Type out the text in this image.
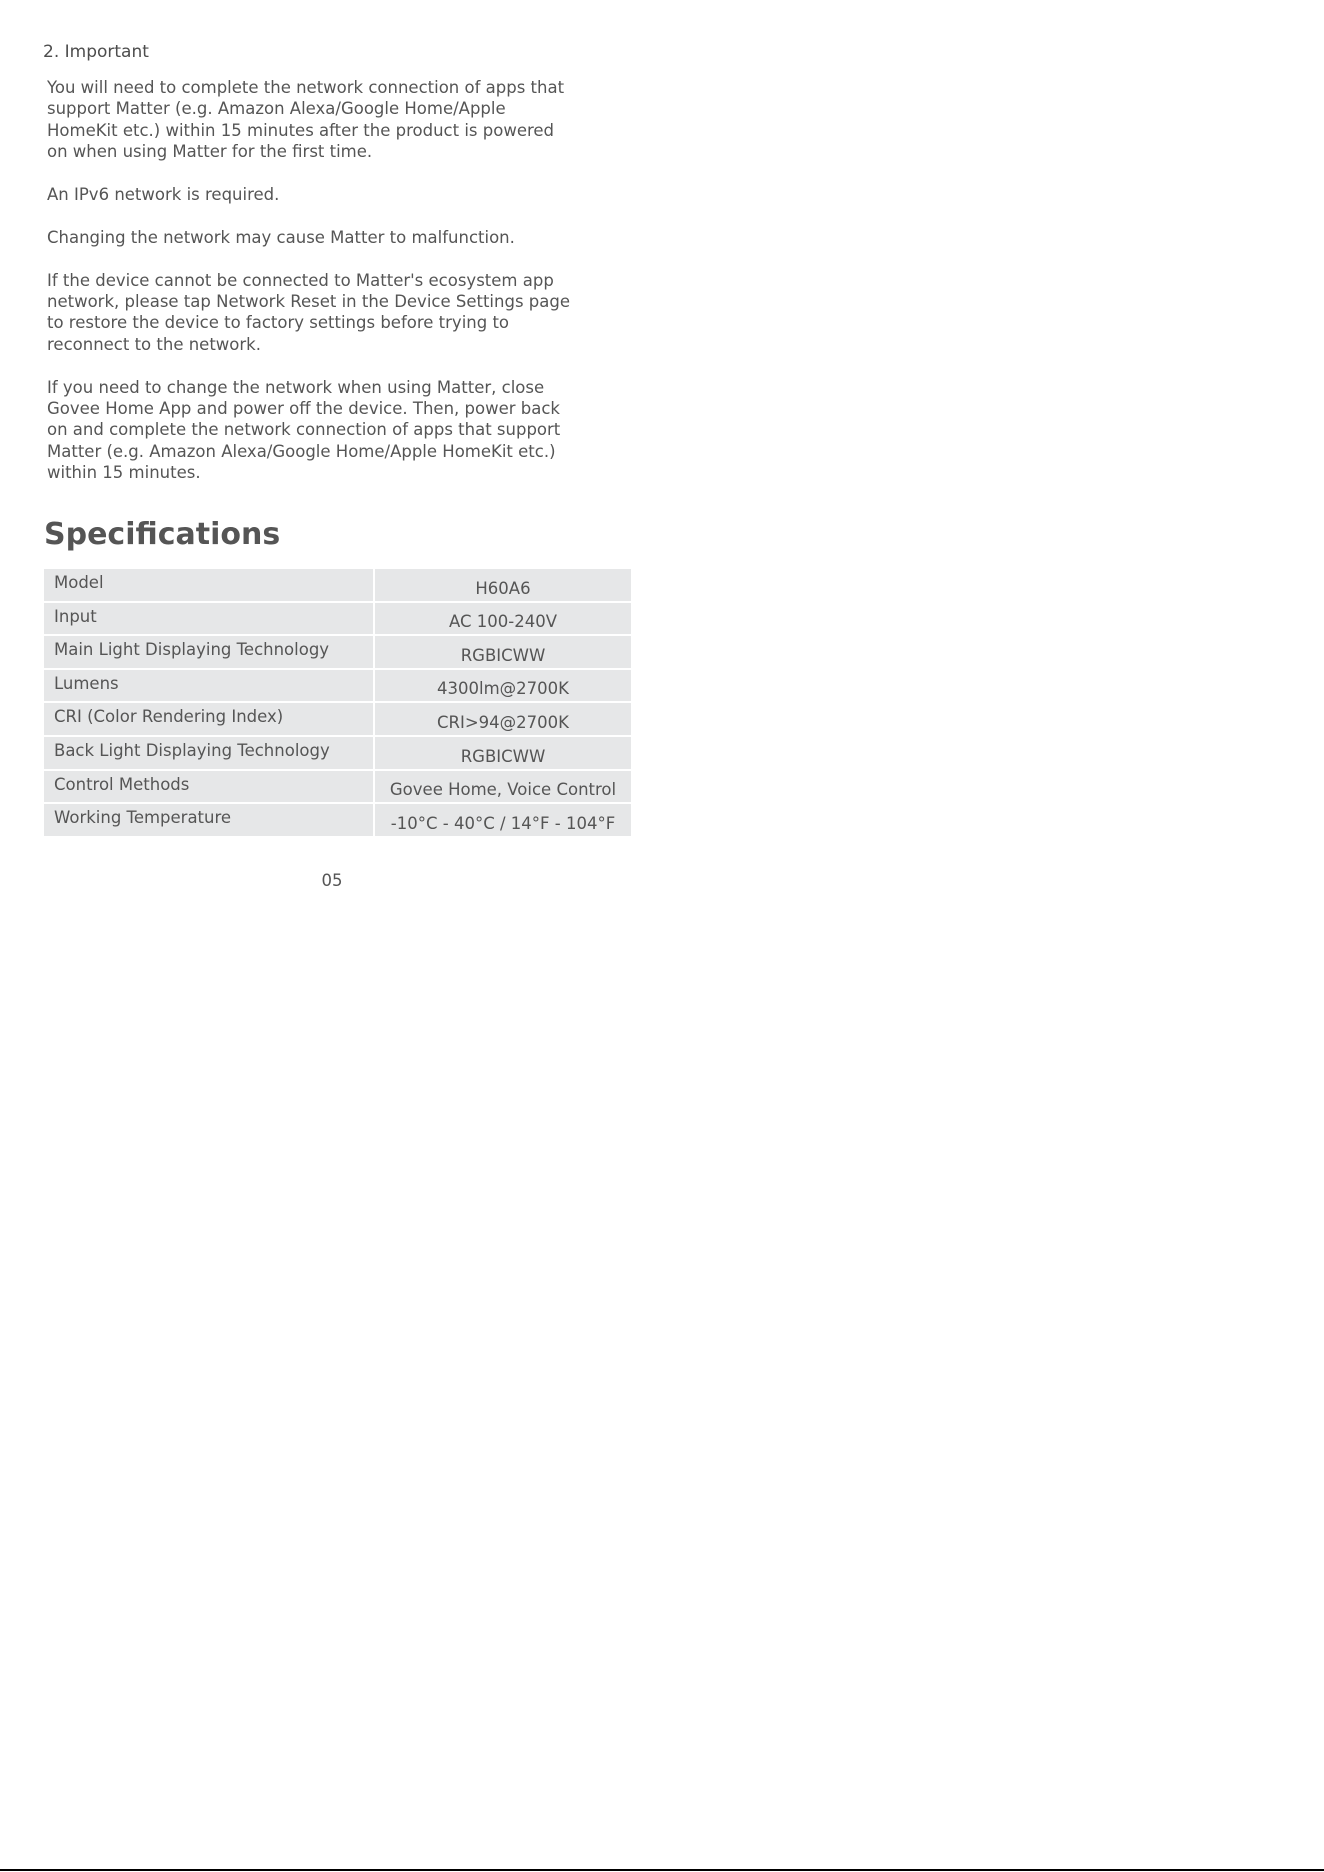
2. Important

You will need to complete the network connection of apps that
support Matter (e.g. Amazon Alexa/Google Home/Apple
HomeKit etc.) within 15 minutes after the product is powered
on when using Matter for the first time.

An IPv6 network is required.

Changing the network may cause Matter to malfunction.

If the device cannot be connected to Matter's ecosystem app
network, please tap Network Reset in the Device Settings page
to restore the device to factory settings before trying to
reconnect to the network.

If you need to change the network when using Matter, close
Govee Home App and power off the device. Then, power back
on and complete the network connection of apps that support
Matter (e.g. Amazon Alexa/Google Home/Apple HomeKit etc.)
within 15 minutes.

Specifications
Model	H60A6
Input	AC 100-240V
Main Light Displaying Technology	RGBICWW
Lumens	4300lm@2700K
CRI (Color Rendering Index)	CRI>94@2700K
Back Light Displaying Technology	RGBICWW
Control Methods	Govee Home, Voice Control
Working Temperature	-10°C - 40°C / 14°F - 104°F
05
